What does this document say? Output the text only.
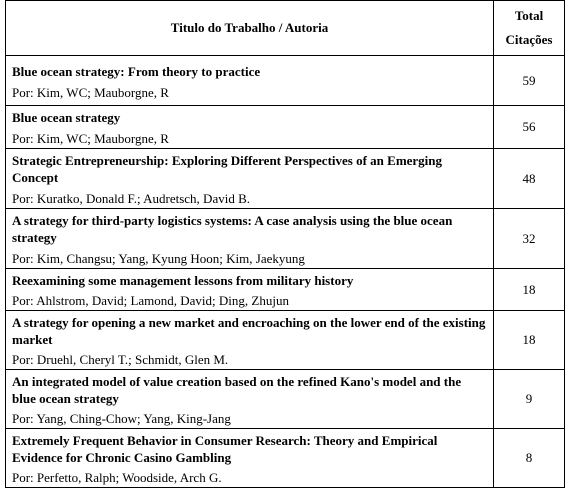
Titulo do Trabalho / Autoria	Total
Citações

Blue ocean strategy: From theory to practice
Por: Kim, WC; Mauborgne, R	59

Blue ocean strategy
Por: Kim, WC; Mauborgne, R	56

Strategic Entrepreneurship: Exploring Different Perspectives of an Emerging Concept
Por: Kuratko, Donald F.; Audretsch, David B.	48

A strategy for third-party logistics systems: A case analysis using the blue ocean strategy
Por: Kim, Changsu; Yang, Kyung Hoon; Kim, Jaekyung	32

Reexamining some management lessons from military history
Por: Ahlstrom, David; Lamond, David; Ding, Zhujun	18

A strategy for opening a new market and encroaching on the lower end of the existing market
Por: Druehl, Cheryl T.; Schmidt, Glen M.	18

An integrated model of value creation based on the refined Kano's model and the blue ocean strategy
Por: Yang, Ching-Chow; Yang, King-Jang	9

Extremely Frequent Behavior in Consumer Research: Theory and Empirical Evidence for Chronic Casino Gambling
Por: Perfetto, Ralph; Woodside, Arch G.	8
